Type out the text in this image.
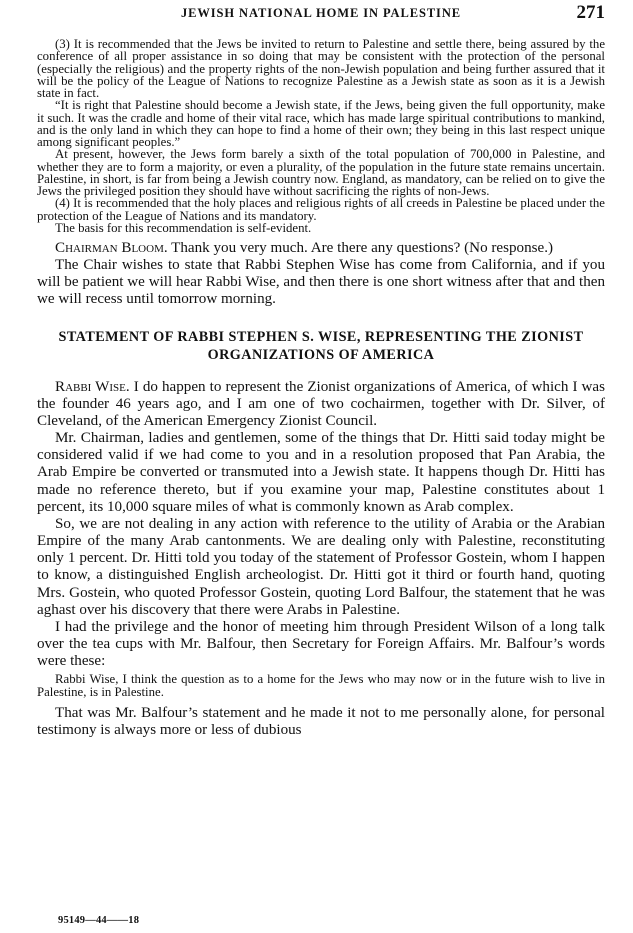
JEWISH NATIONAL HOME IN PALESTINE	271

(3) It is recommended that the Jews be invited to return to Palestine and settle there, being assured by the conference of all proper assistance in so doing that may be consistent with the protection of the personal (especially the religious) and the property rights of the non-Jewish population and being further assured that it will be the policy of the League of Nations to recognize Palestine as a Jewish state as soon as it is a Jewish state in fact.

“It is right that Palestine should become a Jewish state, if the Jews, being given the full opportunity, make it such. It was the cradle and home of their vital race, which has made large spiritual contributions to mankind, and is the only land in which they can hope to find a home of their own; they being in this last respect unique among significant peoples.”

At present, however, the Jews form barely a sixth of the total population of 700,000 in Palestine, and whether they are to form a majority, or even a plurality, of the population in the future state remains uncertain. Palestine, in short, is far from being a Jewish country now. England, as mandatory, can be relied on to give the Jews the privileged position they should have without sacrificing the rights of non-Jews.

(4) It is recommended that the holy places and religious rights of all creeds in Palestine be placed under the protection of the League of Nations and its mandatory.

The basis for this recommendation is self-evident.

Chairman Bloom. Thank you very much. Are there any questions? (No response.)

The Chair wishes to state that Rabbi Stephen Wise has come from California, and if you will be patient we will hear Rabbi Wise, and then there is one short witness after that and then we will recess until tomorrow morning.

STATEMENT OF RABBI STEPHEN S. WISE, REPRESENTING THE ZIONIST ORGANIZATIONS OF AMERICA

Rabbi Wise. I do happen to represent the Zionist organizations of America, of which I was the founder 46 years ago, and I am one of two cochairmen, together with Dr. Silver, of Cleveland, of the American Emergency Zionist Council.

Mr. Chairman, ladies and gentlemen, some of the things that Dr. Hitti said today might be considered valid if we had come to you and in a resolution proposed that Pan Arabia, the Arab Empire be converted or transmuted into a Jewish state. It happens though Dr. Hitti has made no reference thereto, but if you examine your map, Palestine constitutes about 1 percent, its 10,000 square miles of what is commonly known as Arab complex.

So, we are not dealing in any action with reference to the utility of Arabia or the Arabian Empire of the many Arab cantonments. We are dealing only with Palestine, reconstituting only 1 percent. Dr. Hitti told you today of the statement of Professor Gostein, whom I happen to know, a distinguished English archeologist. Dr. Hitti got it third or fourth hand, quoting Mrs. Gostein, who quoted Professor Gostein, quoting Lord Balfour, the statement that he was aghast over his discovery that there were Arabs in Palestine.

I had the privilege and the honor of meeting him through President Wilson of a long talk over the tea cups with Mr. Balfour, then Secretary for Foreign Affairs. Mr. Balfour’s words were these:

Rabbi Wise, I think the question as to a home for the Jews who may now or in the future wish to live in Palestine, is in Palestine.

That was Mr. Balfour’s statement and he made it not to me personally alone, for personal testimony is always more or less of dubious

95149—44——18
